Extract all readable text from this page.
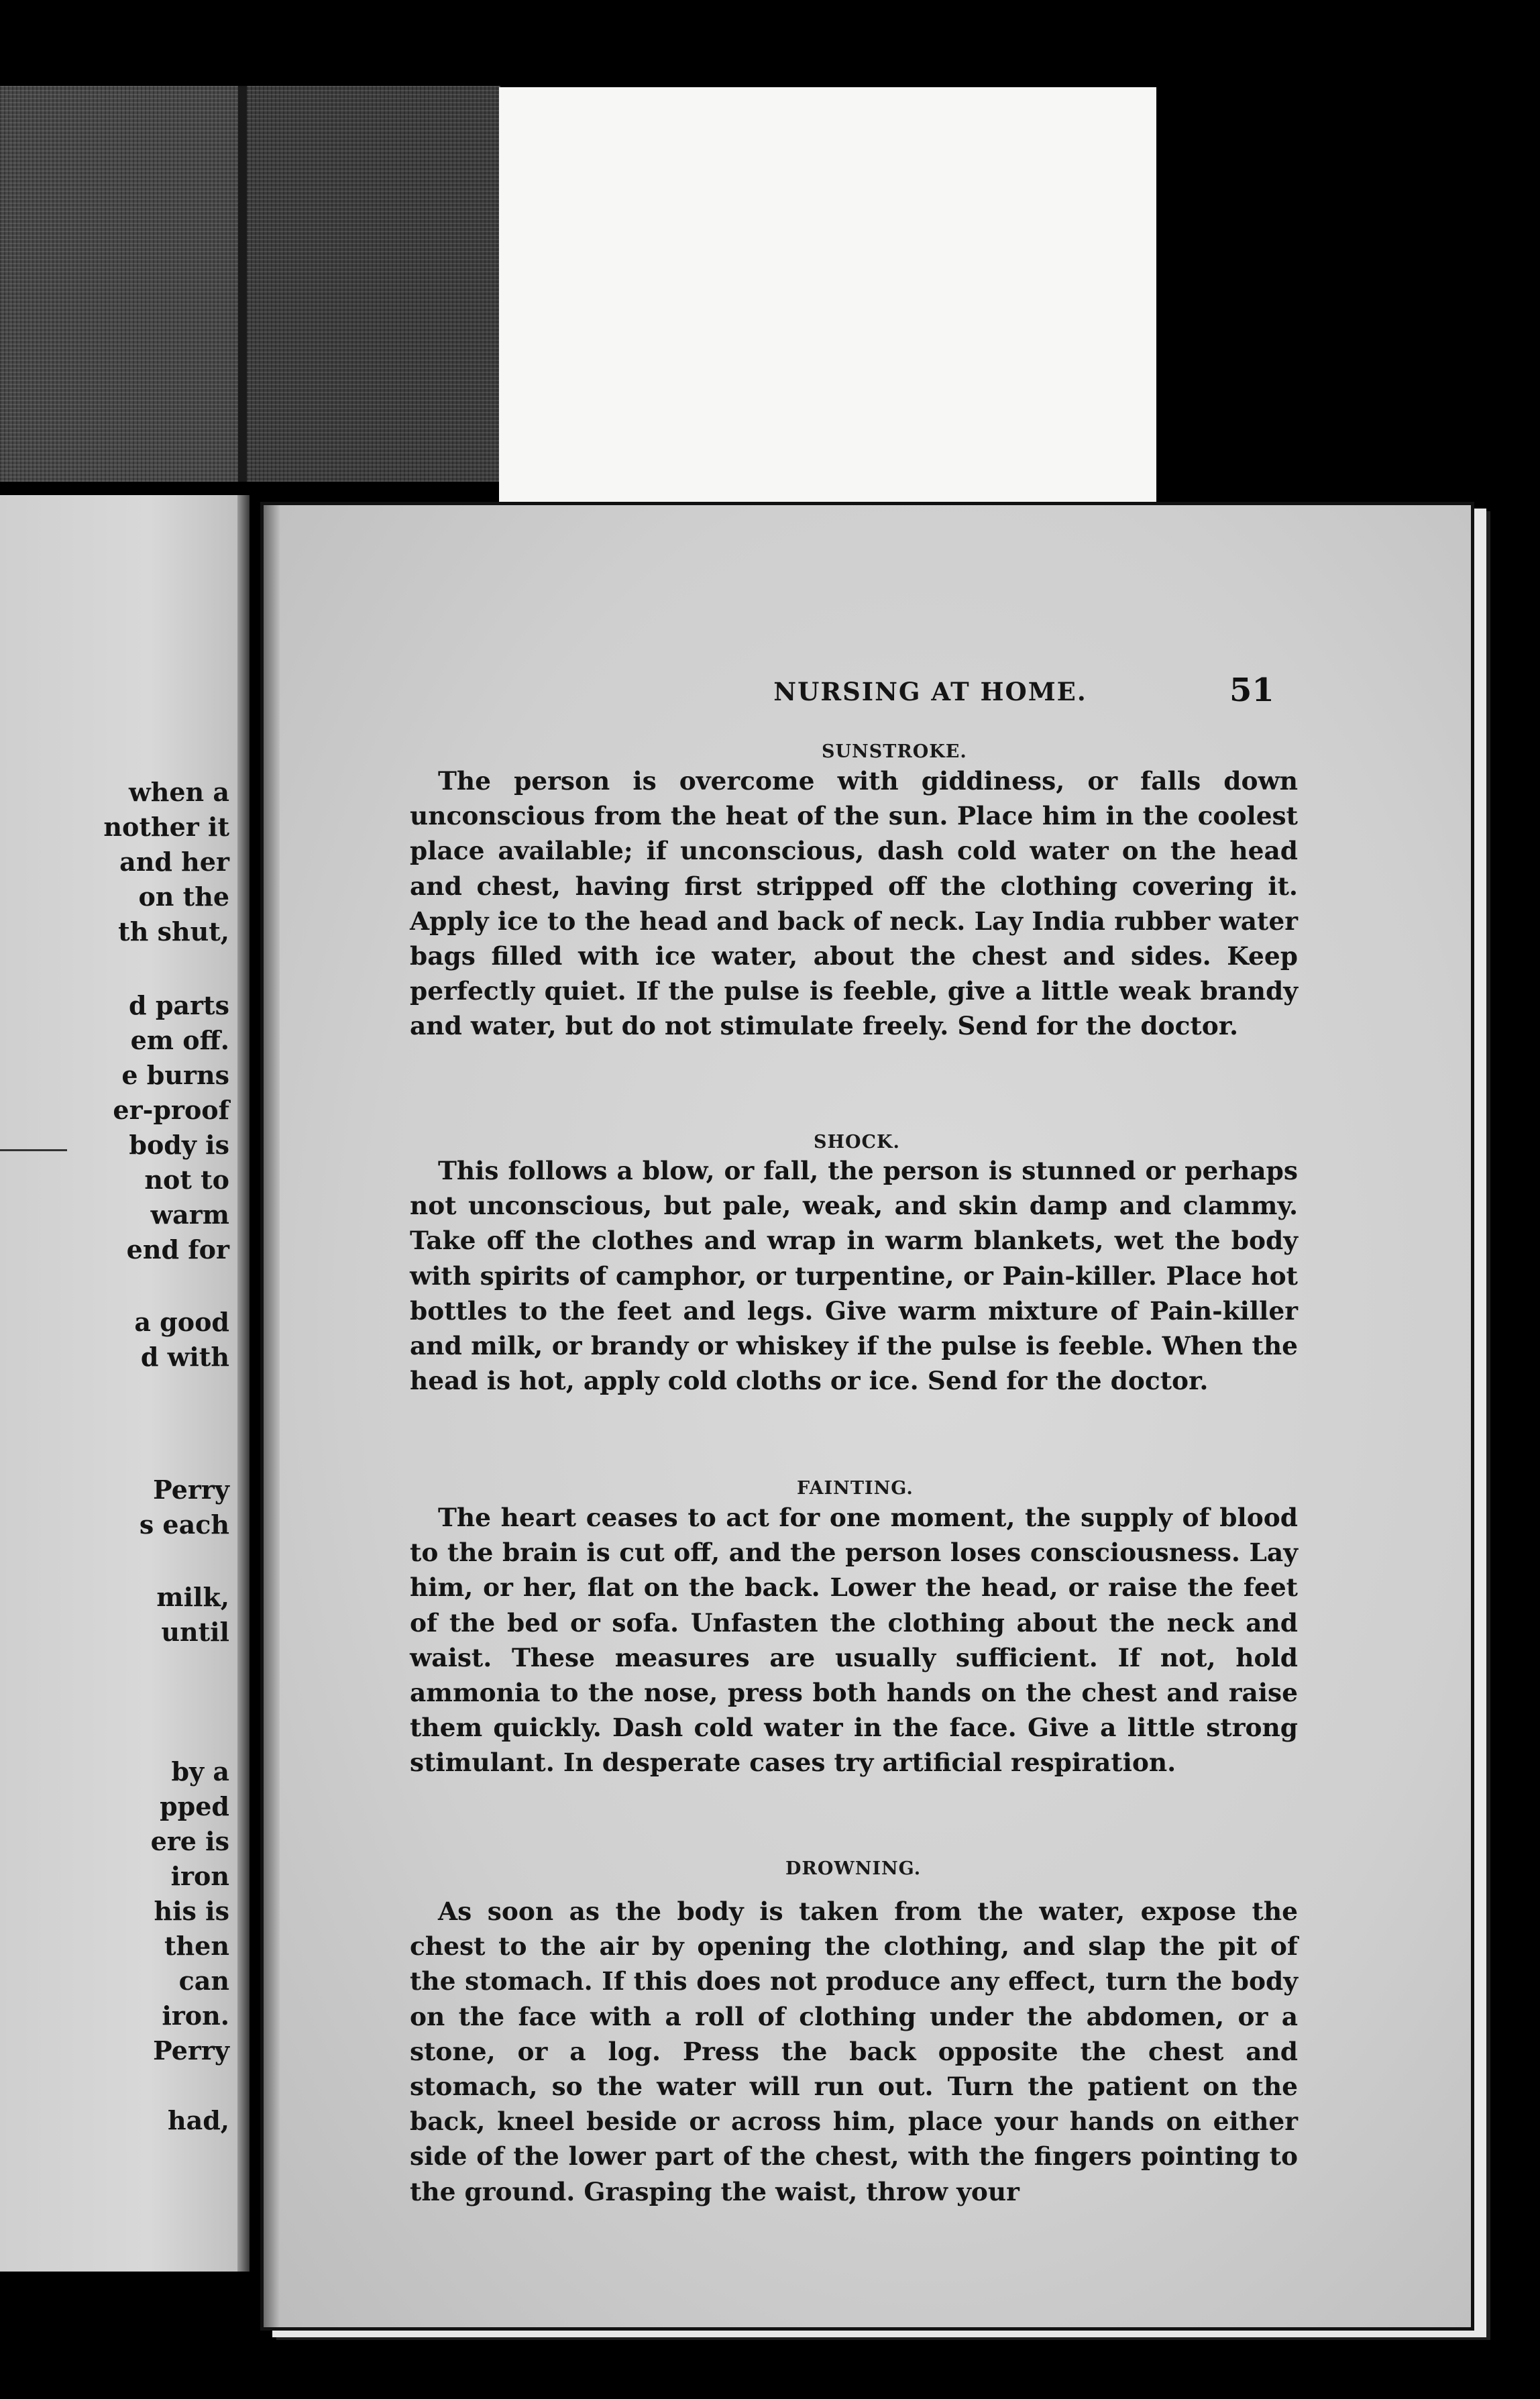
when a
nother it
and her
on the
th shut,
d parts
em off.
e burns
er-proof
body is
not to
warm
end for
a good
d with
Perry
s each
milk,
until
by a
pped
ere is
iron
his is
then
can
iron.
Perry
had,
NURSING AT HOME.	51
SUNSTROKE.
The person is overcome with giddiness, or falls down unconscious from the heat of the sun. Place him in the coolest place available; if unconscious, dash cold water on the head and chest, having first stripped off the clothing covering it. Apply ice to the head and back of neck. Lay India rubber water bags filled with ice water, about the chest and sides. Keep perfectly quiet. If the pulse is feeble, give a little weak brandy and water, but do not stimulate freely. Send for the doctor.
SHOCK.
This follows a blow, or fall, the person is stunned or perhaps not unconscious, but pale, weak, and skin damp and clammy. Take off the clothes and wrap in warm blankets, wet the body with spirits of camphor, or turpentine, or Pain-killer. Place hot bottles to the feet and legs. Give warm mixture of Pain-killer and milk, or brandy or whiskey if the pulse is feeble. When the head is hot, apply cold cloths or ice. Send for the doctor.
FAINTING.
The heart ceases to act for one moment, the supply of blood to the brain is cut off, and the person loses consciousness. Lay him, or her, flat on the back. Lower the head, or raise the feet of the bed or sofa. Unfasten the clothing about the neck and waist. These measures are usually sufficient. If not, hold ammonia to the nose, press both hands on the chest and raise them quickly. Dash cold water in the face. Give a little strong stimulant. In desperate cases try artificial respiration.
DROWNING.
As soon as the body is taken from the water, expose the chest to the air by opening the clothing, and slap the pit of the stomach. If this does not produce any effect, turn the body on the face with a roll of clothing under the abdomen, or a stone, or a log. Press the back opposite the chest and stomach, so the water will run out. Turn the patient on the back, kneel beside or across him, place your hands on either side of the lower part of the chest, with the fingers pointing to the ground. Grasping the waist, throw your
